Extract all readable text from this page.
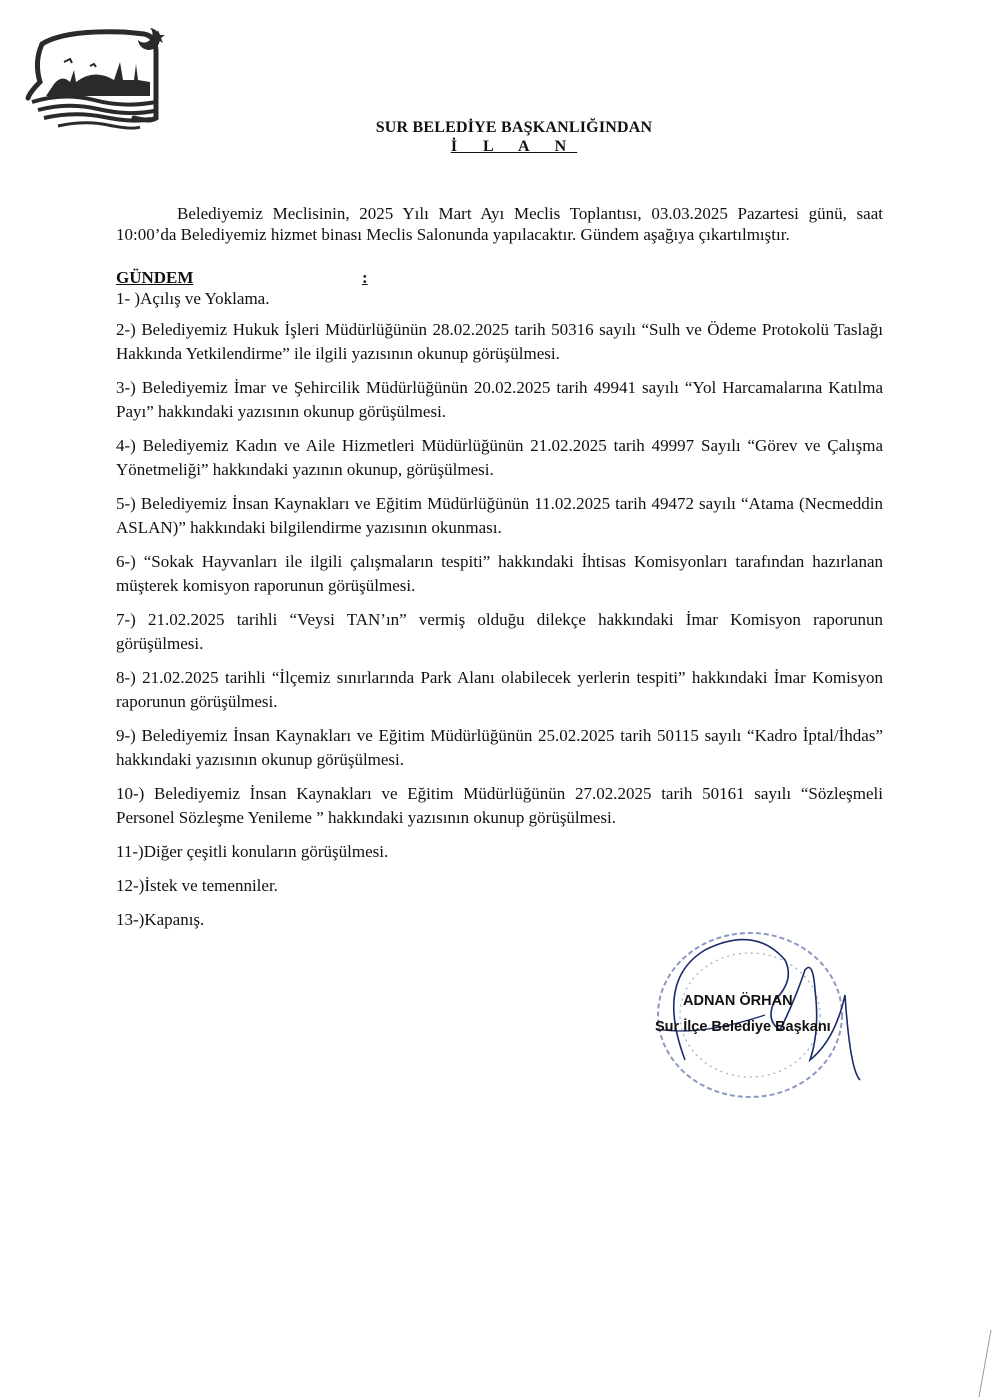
SUR BELEDİYE BAŞKANLIĞINDAN
İ L A N
Belediyemiz Meclisinin, 2025 Yılı Mart Ayı Meclis Toplantısı, 03.03.2025 Pazartesi günü, saat 10:00’da Belediyemiz hizmet binası Meclis Salonunda yapılacaktır. Gündem aşağıya çıkartılmıştır.
GÜNDEM	:
1- )Açılış ve Yoklama.
2-) Belediyemiz Hukuk İşleri Müdürlüğünün 28.02.2025 tarih 50316 sayılı “Sulh ve Ödeme Protokolü Taslağı Hakkında Yetkilendirme” ile ilgili yazısının okunup görüşülmesi.
3-) Belediyemiz İmar ve Şehircilik Müdürlüğünün 20.02.2025 tarih 49941 sayılı “Yol Harcamalarına Katılma Payı” hakkındaki yazısının okunup görüşülmesi.
4-) Belediyemiz Kadın ve Aile Hizmetleri Müdürlüğünün 21.02.2025 tarih 49997 Sayılı “Görev ve Çalışma Yönetmeliği” hakkındaki yazının okunup, görüşülmesi.
5-) Belediyemiz İnsan Kaynakları ve Eğitim Müdürlüğünün 11.02.2025 tarih 49472 sayılı “Atama (Necmeddin ASLAN)” hakkındaki bilgilendirme yazısının okunması.
6-) “Sokak Hayvanları ile ilgili çalışmaların tespiti” hakkındaki İhtisas Komisyonları tarafından hazırlanan müşterek komisyon raporunun görüşülmesi.
7-) 21.02.2025 tarihli “Veysi TAN’ın” vermiş olduğu dilekçe hakkındaki İmar Komisyon raporunun görüşülmesi.
8-) 21.02.2025 tarihli “İlçemiz sınırlarında Park Alanı olabilecek yerlerin tespiti” hakkındaki İmar Komisyon raporunun görüşülmesi.
9-) Belediyemiz İnsan Kaynakları ve Eğitim Müdürlüğünün 25.02.2025 tarih 50115 sayılı “Kadro İptal/İhdas” hakkındaki yazısının okunup görüşülmesi.
10-) Belediyemiz İnsan Kaynakları ve Eğitim Müdürlüğünün 27.02.2025 tarih 50161 sayılı “Sözleşmeli Personel Sözleşme Yenileme ” hakkındaki yazısının okunup görüşülmesi.
11-)Diğer çeşitli konuların görüşülmesi.
12-)İstek ve temenniler.
13-)Kapanış.
ADNAN ÖRHAN
Sur İlçe Belediye Başkanı
